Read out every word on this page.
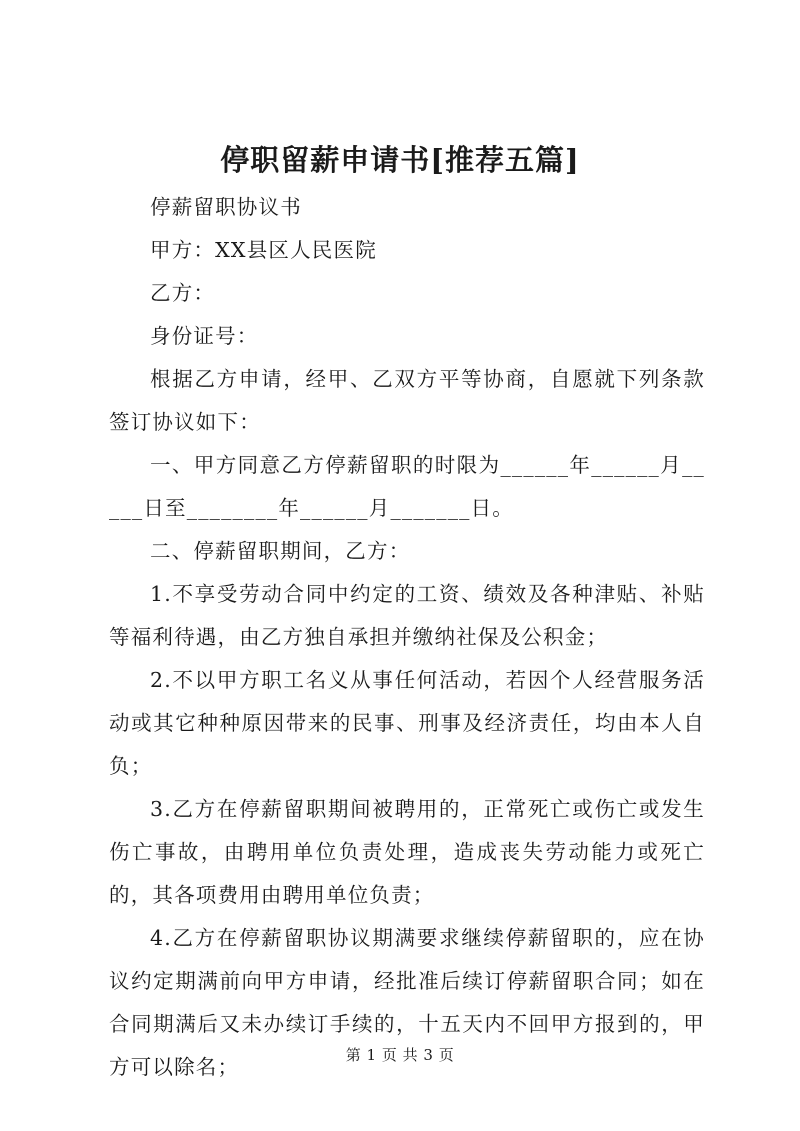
停职留薪申请书[推荐五篇]

停薪留职协议书

甲方：XX县区人民医院

乙方：

身份证号：

根据乙方申请，经甲、乙双方平等协商，自愿就下列条款签订协议如下：

一、甲方同意乙方停薪留职的时限为______年______月_____日至________年______月_______日。

二、停薪留职期间，乙方：

1.不享受劳动合同中约定的工资、绩效及各种津贴、补贴等福利待遇，由乙方独自承担并缴纳社保及公积金；

2.不以甲方职工名义从事任何活动，若因个人经营服务活动或其它种种原因带来的民事、刑事及经济责任，均由本人自负；

3.乙方在停薪留职期间被聘用的，正常死亡或伤亡或发生伤亡事故，由聘用单位负责处理，造成丧失劳动能力或死亡的，其各项费用由聘用单位负责；

4.乙方在停薪留职协议期满要求继续停薪留职的，应在协议约定期满前向甲方申请，经批准后续订停薪留职合同；如在合同期满后又未办续订手续的，十五天内不回甲方报到的，甲方可以除名；	第 1 页 共 3 页
